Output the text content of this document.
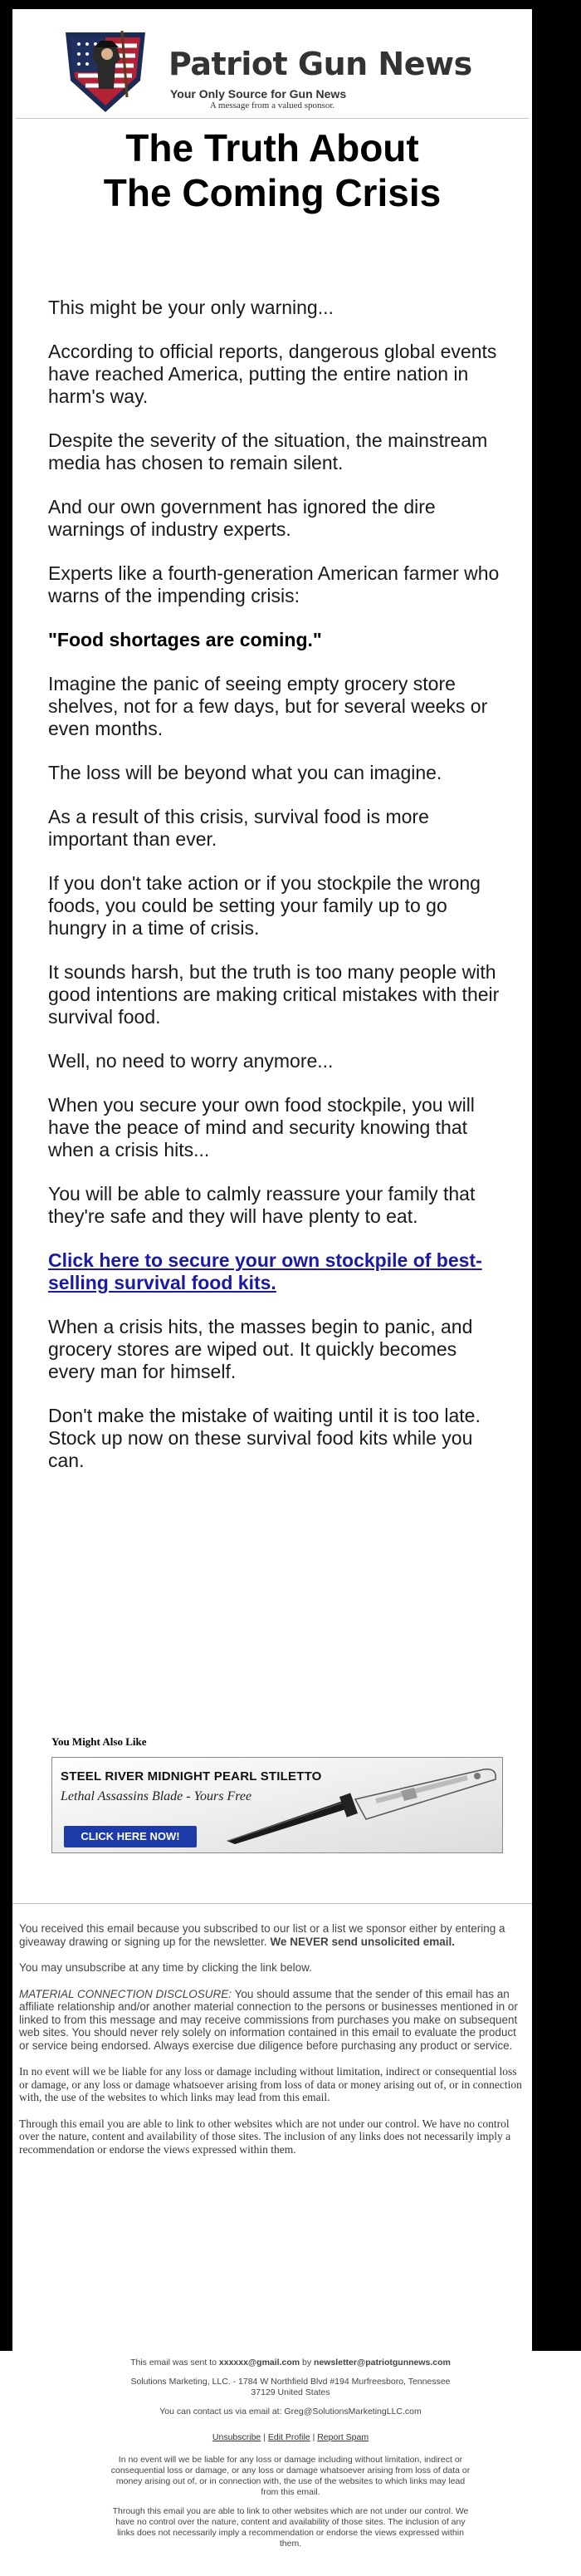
Patriot Gun News
Your Only Source for Gun News
A message from a valued sponsor.
The Truth About
The Coming Crisis

This might be your only warning...

According to official reports, dangerous global events have reached America, putting the entire nation in harm's way.

Despite the severity of the situation, the mainstream media has chosen to remain silent.

And our own government has ignored the dire warnings of industry experts.

Experts like a fourth-generation American farmer who warns of the impending crisis:

"Food shortages are coming."

Imagine the panic of seeing empty grocery store shelves, not for a few days, but for several weeks or even months.

The loss will be beyond what you can imagine.

As a result of this crisis, survival food is more important than ever.

If you don't take action or if you stockpile the wrong foods, you could be setting your family up to go hungry in a time of crisis.

It sounds harsh, but the truth is too many people with good intentions are making critical mistakes with their survival food.

Well, no need to worry anymore...

When you secure your own food stockpile, you will have the peace of mind and security knowing that when a crisis hits...

You will be able to calmly reassure your family that they're safe and they will have plenty to eat.

Click here to secure your own stockpile of best-selling survival food kits.

When a crisis hits, the masses begin to panic, and grocery stores are wiped out. It quickly becomes every man for himself.

Don't make the mistake of waiting until it is too late. Stock up now on these survival food kits while you can.

You Might Also Like
STEEL RIVER MIDNIGHT PEARL STILETTO
Lethal Assassins Blade - Yours Free
CLICK HERE NOW!

You received this email because you subscribed to our list or a list we sponsor either by entering a giveaway drawing or signing up for the newsletter. We NEVER send unsolicited email.

You may unsubscribe at any time by clicking the link below.

MATERIAL CONNECTION DISCLOSURE: You should assume that the sender of this email has an affiliate relationship and/or another material connection to the persons or businesses mentioned in or linked to from this message and may receive commissions from purchases you make on subsequent web sites. You should never rely solely on information contained in this email to evaluate the product or service being endorsed. Always exercise due diligence before purchasing any product or service.

In no event will we be liable for any loss or damage including without limitation, indirect or consequential loss or damage, or any loss or damage whatsoever arising from loss of data or money arising out of, or in connection with, the use of the websites to which links may lead from this email.

Through this email you are able to link to other websites which are not under our control. We have no control over the nature, content and availability of those sites. The inclusion of any links does not necessarily imply a recommendation or endorse the views expressed within them.

This email was sent to xxxxxx@gmail.com by newsletter@patriotgunnews.com

Solutions Marketing, LLC. - 1784 W Northfield Blvd #194 Murfreesboro, Tennessee
37129 United States

You can contact us via email at: Greg@SolutionsMarketingLLC.com

Unsubscribe | Edit Profile | Report Spam

In no event will we be liable for any loss or damage including without limitation, indirect or consequential loss or damage, or any loss or damage whatsoever arising from loss of data or money arising out of, or in connection with, the use of the websites to which links may lead from this email.

Through this email you are able to link to other websites which are not under our control. We have no control over the nature, content and availability of those sites. The inclusion of any links does not necessarily imply a recommendation or endorse the views expressed within them.
